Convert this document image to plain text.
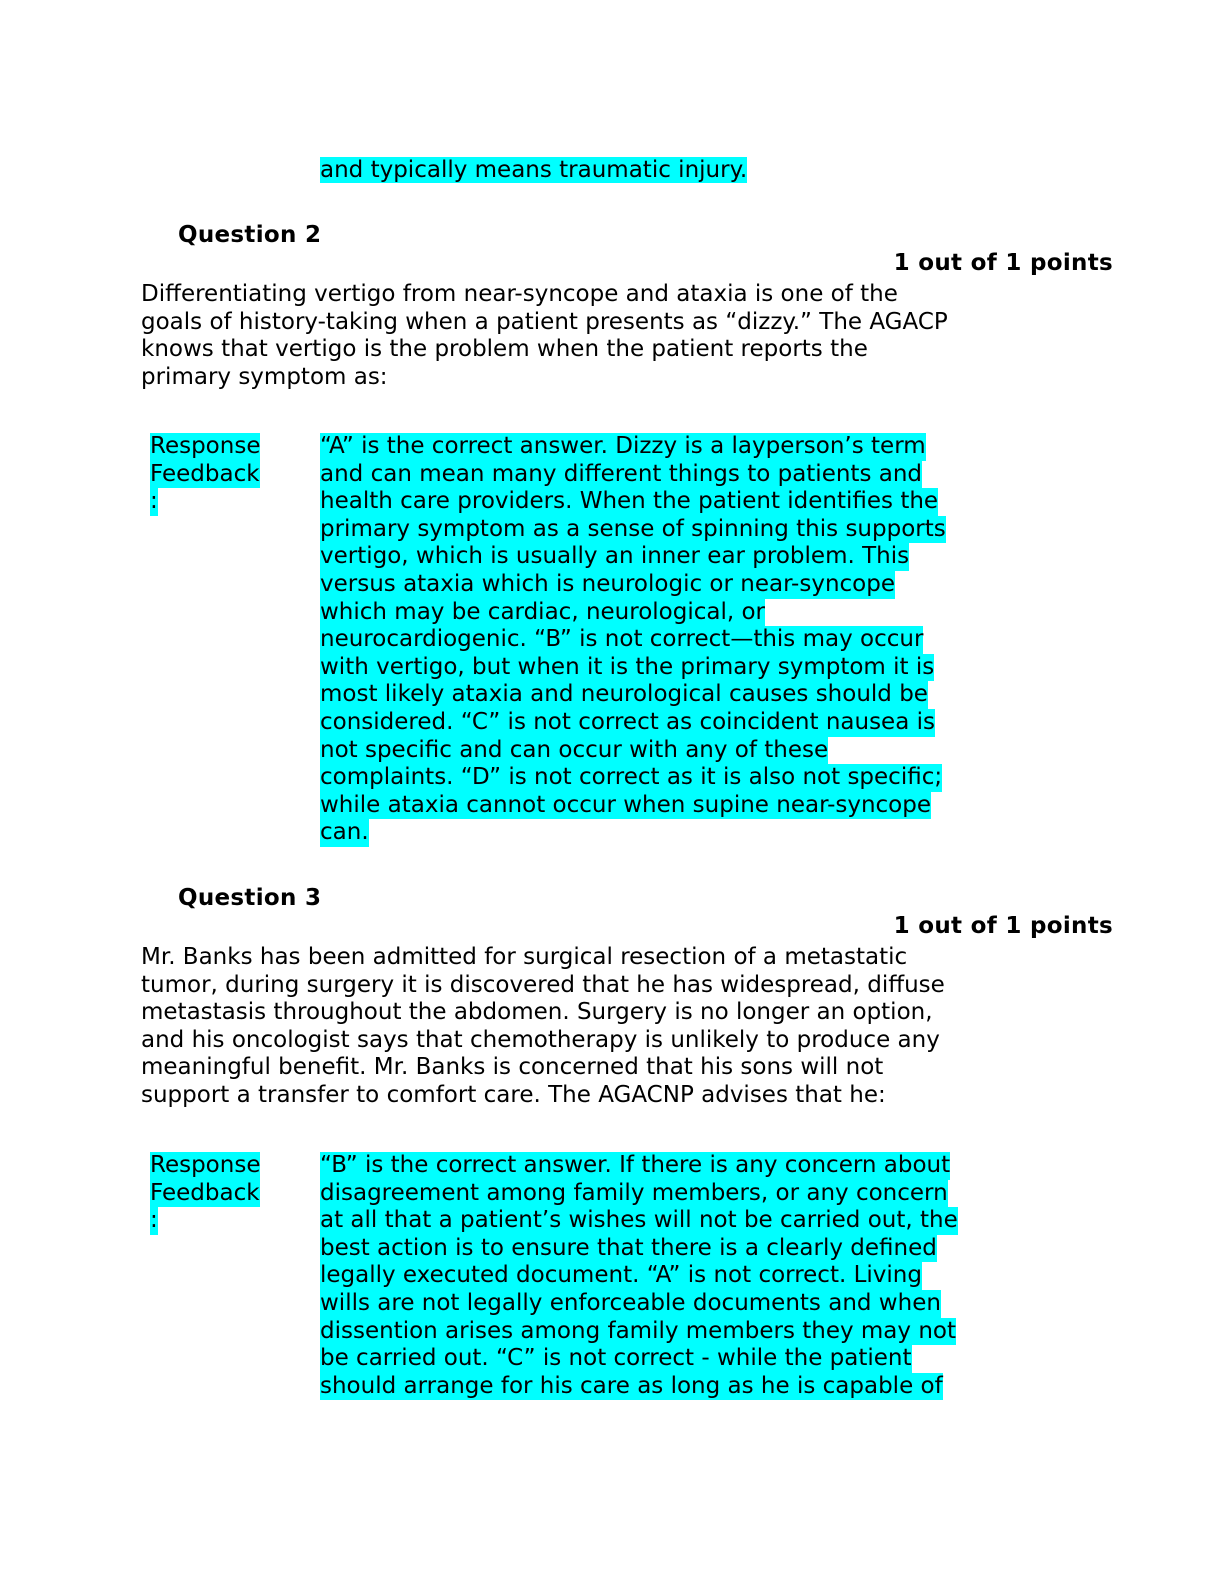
and typically means traumatic injury.
Question 2
1 out of 1 points

Differentiating vertigo from near-syncope and ataxia is one of the
goals of history-taking when a patient presents as “dizzy.” The AGACP
knows that vertigo is the problem when the patient reports the
primary symptom as:

Response
Feedback
:
“A” is the correct answer. Dizzy is a layperson’s term
and can mean many different things to patients and
health care providers. When the patient identifies the
primary symptom as a sense of spinning this supports
vertigo, which is usually an inner ear problem. This
versus ataxia which is neurologic or near-syncope
which may be cardiac, neurological, or
neurocardiogenic. “B” is not correct—this may occur
with vertigo, but when it is the primary symptom it is
most likely ataxia and neurological causes should be
considered. “C” is not correct as coincident nausea is
not specific and can occur with any of these
complaints. “D” is not correct as it is also not specific;
while ataxia cannot occur when supine near-syncope
can.
Question 3
1 out of 1 points

Mr. Banks has been admitted for surgical resection of a metastatic
tumor, during surgery it is discovered that he has widespread, diffuse
metastasis throughout the abdomen. Surgery is no longer an option,
and his oncologist says that chemotherapy is unlikely to produce any
meaningful benefit. Mr. Banks is concerned that his sons will not
support a transfer to comfort care. The AGACNP advises that he:

Response
Feedback
:
“B” is the correct answer. If there is any concern about
disagreement among family members, or any concern
at all that a patient’s wishes will not be carried out, the
best action is to ensure that there is a clearly defined
legally executed document. “A” is not correct. Living
wills are not legally enforceable documents and when
dissention arises among family members they may not
be carried out. “C” is not correct - while the patient
should arrange for his care as long as he is capable of
